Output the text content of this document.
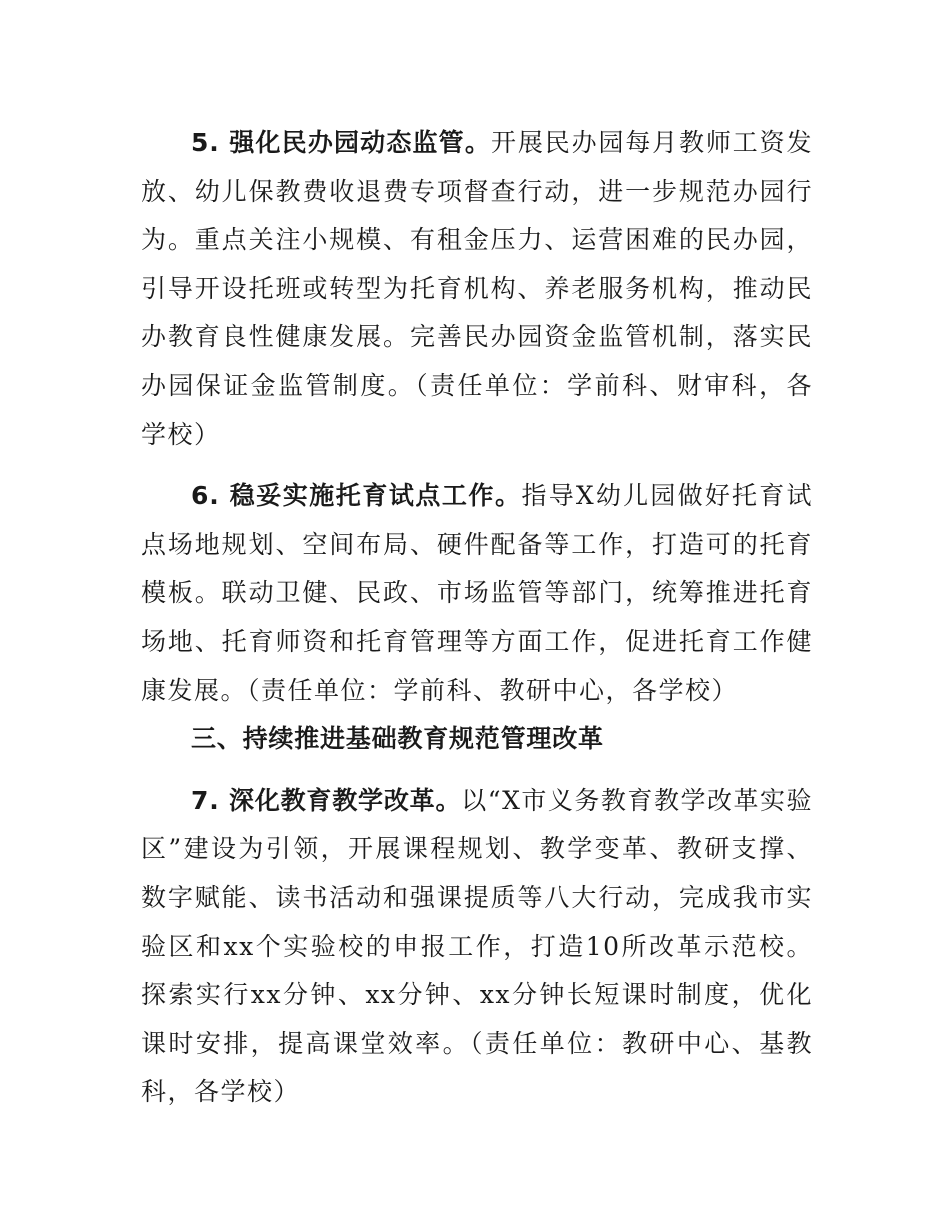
5. 强化民办园动态监管。开展民办园每月教师工资发放、幼儿保教费收退费专项督查行动，进一步规范办园行为。重点关注小规模、有租金压力、运营困难的民办园，引导开设托班或转型为托育机构、养老服务机构，推动民办教育良性健康发展。完善民办园资金监管机制，落实民办园保证金监管制度。（责任单位：学前科、财审科，各学校）

6. 稳妥实施托育试点工作。指导X幼儿园做好托育试点场地规划、空间布局、硬件配备等工作，打造可的托育模板。联动卫健、民政、市场监管等部门，统筹推进托育场地、托育师资和托育管理等方面工作，促进托育工作健康发展。（责任单位：学前科、教研中心，各学校）

三、持续推进基础教育规范管理改革

7. 深化教育教学改革。以“X市义务教育教学改革实验区”建设为引领，开展课程规划、教学变革、教研支撑、数字赋能、读书活动和强课提质等八大行动，完成我市实验区和xx个实验校的申报工作，打造10所改革示范校。探索实行xx分钟、xx分钟、xx分钟长短课时制度，优化课时安排，提高课堂效率。（责任单位：教研中心、基教科，各学校）
